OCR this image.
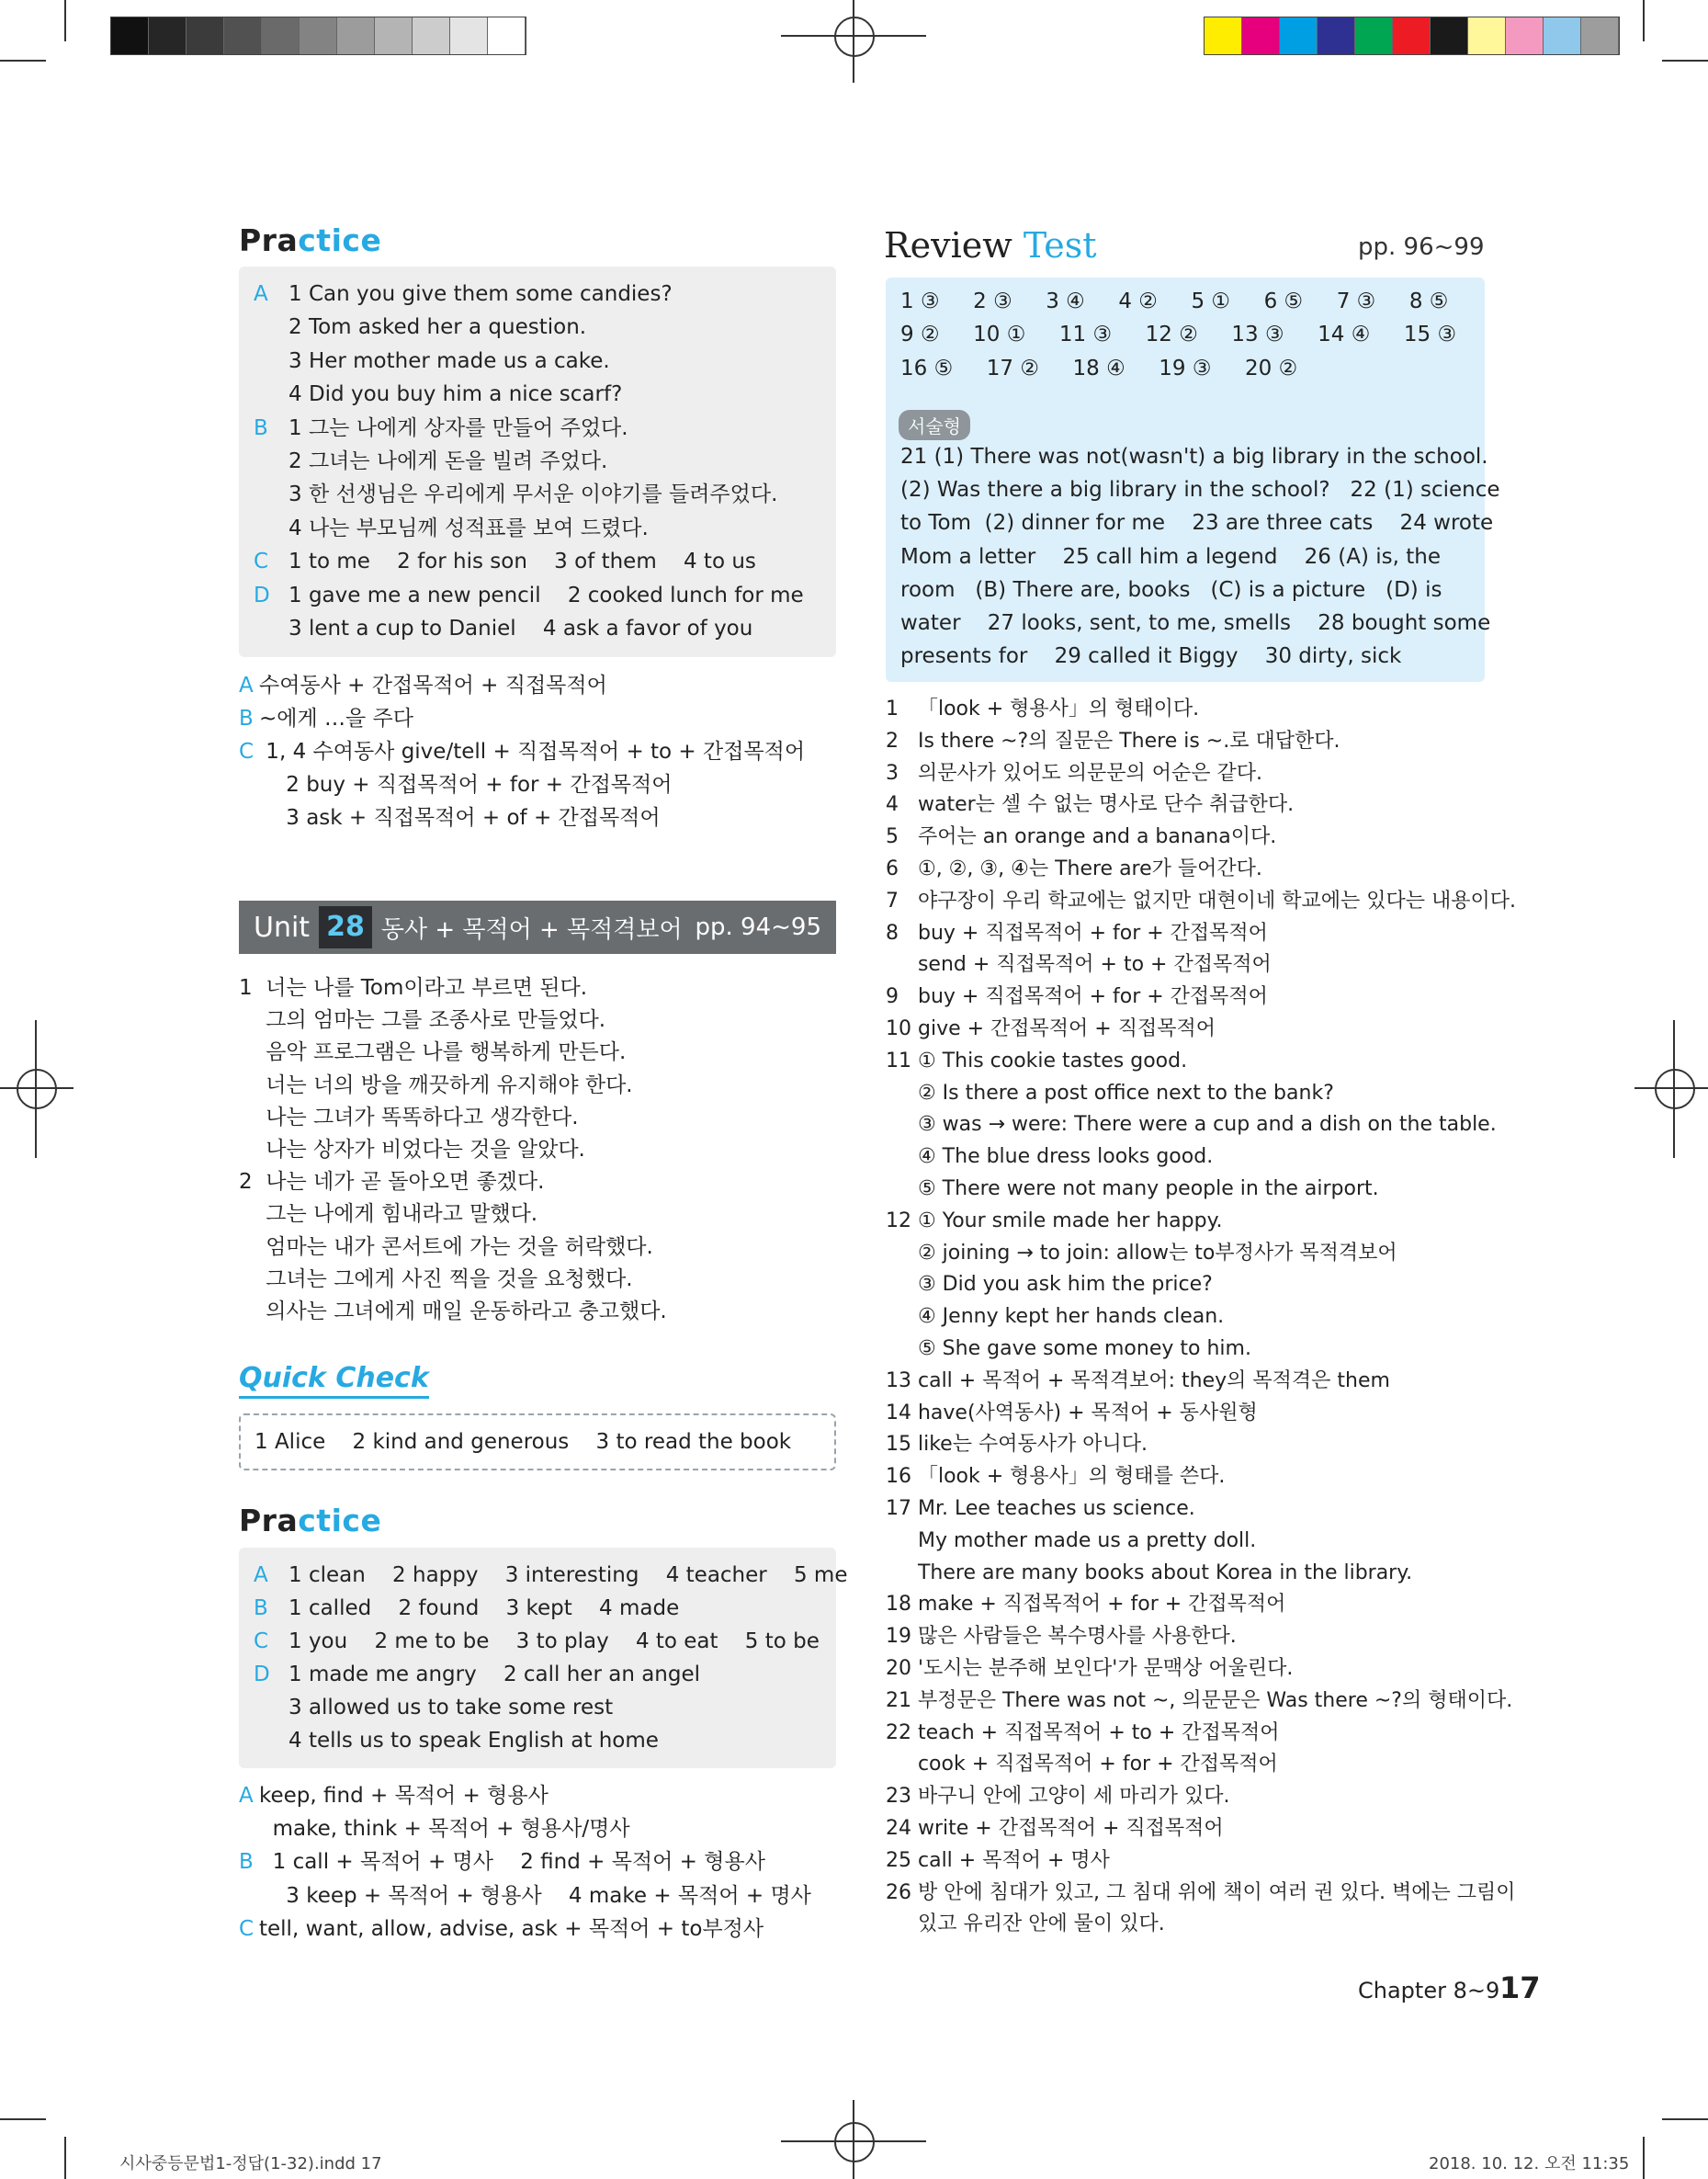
Practice
A 1 Can you give them some candies?
2 Tom asked her a question.
3 Her mother made us a cake.
4 Did you buy him a nice scarf?
B 1 그는 나에게 상자를 만들어 주었다.
2 그녀는 나에게 돈을 빌려 주었다.
3 한 선생님은 우리에게 무서운 이야기를 들려주었다.
4 나는 부모님께 성적표를 보여 드렸다.
C 1 to me    2 for his son    3 of them    4 to us
D 1 gave me a new pencil    2 cooked lunch for me
3 lent a cup to Daniel    4 ask a favor of you
A 수여동사 + 간접목적어 + 직접목적어
B ~에게 …을 주다
C 1, 4 수여동사 give/tell + 직접목적어 + to + 간접목적어
2 buy + 직접목적어 + for + 간접목적어
3 ask + 직접목적어 + of + 간접목적어
Unit 28 동사 + 목적어 + 목적격보어 pp. 94~95
1  너는 나를 Tom이라고 부르면 된다.
그의 엄마는 그를 조종사로 만들었다.
음악 프로그램은 나를 행복하게 만든다.
너는 너의 방을 깨끗하게 유지해야 한다.
나는 그녀가 똑똑하다고 생각한다.
나는 상자가 비었다는 것을 알았다.
2  나는 네가 곧 돌아오면 좋겠다.
그는 나에게 힘내라고 말했다.
엄마는 내가 콘서트에 가는 것을 허락했다.
그녀는 그에게 사진 찍을 것을 요청했다.
의사는 그녀에게 매일 운동하라고 충고했다.
Quick Check
1 Alice    2 kind and generous    3 to read the book
Practice
A 1 clean    2 happy    3 interesting    4 teacher    5 me
B 1 called    2 found    3 kept    4 made
C 1 you    2 me to be    3 to play    4 to eat    5 to be
D 1 made me angry    2 call her an angel
3 allowed us to take some rest
4 tells us to speak English at home
A keep, find + 목적어 + 형용사
make, think + 목적어 + 형용사/명사
B 1 call + 목적어 + 명사    2 find + 목적어 + 형용사
3 keep + 목적어 + 형용사    4 make + 목적어 + 명사
C tell, want, allow, advise, ask + 목적어 + to부정사
Review Test	pp. 96~99
1 ③     2 ③     3 ④     4 ②     5 ①     6 ⑤     7 ③     8 ⑤
9 ②     10 ①     11 ③     12 ②     13 ③     14 ④     15 ③
16 ⑤     17 ②     18 ④     19 ③     20 ②
서술형
21 (1) There was not(wasn't) a big library in the school.
(2) Was there a big library in the school?   22 (1) science
to Tom  (2) dinner for me    23 are three cats    24 wrote
Mom a letter    25 call him a legend    26 (A) is, the
room   (B) There are, books   (C) is a picture   (D) is
water    27 looks, sent, to me, smells    28 bought some
presents for    29 called it Biggy    30 dirty, sick
1   「look + 형용사」의 형태이다.
2   Is there ~?의 질문은 There is ~.로 대답한다.
3   의문사가 있어도 의문문의 어순은 같다.
4   water는 셀 수 없는 명사로 단수 취급한다.
5   주어는 an orange and a banana이다.
6   ①, ②, ③, ④는 There are가 들어간다.
7   야구장이 우리 학교에는 없지만 대현이네 학교에는 있다는 내용이다.
8   buy + 직접목적어 + for + 간접목적어
send + 직접목적어 + to + 간접목적어
9   buy + 직접목적어 + for + 간접목적어
10 give + 간접목적어 + 직접목적어
11 ① This cookie tastes good.
② Is there a post office next to the bank?
③ was → were: There were a cup and a dish on the table.
④ The blue dress looks good.
⑤ There were not many people in the airport.
12 ① Your smile made her happy.
② joining → to join: allow는 to부정사가 목적격보어
③ Did you ask him the price?
④ Jenny kept her hands clean.
⑤ She gave some money to him.
13 call + 목적어 + 목적격보어: they의 목적격은 them
14 have(사역동사) + 목적어 + 동사원형
15 like는 수여동사가 아니다.
16 「look + 형용사」의 형태를 쓴다.
17 Mr. Lee teaches us science.
My mother made us a pretty doll.
There are many books about Korea in the library.
18 make + 직접목적어 + for + 간접목적어
19 많은 사람들은 복수명사를 사용한다.
20 '도시는 분주해 보인다'가 문맥상 어울린다.
21 부정문은 There was not ~, 의문문은 Was there ~?의 형태이다.
22 teach + 직접목적어 + to + 간접목적어
cook + 직접목적어 + for + 간접목적어
23 바구니 안에 고양이 세 마리가 있다.
24 write + 간접목적어 + 직접목적어
25 call + 목적어 + 명사
26 방 안에 침대가 있고, 그 침대 위에 책이 여러 권 있다. 벽에는 그림이
있고 유리잔 안에 물이 있다.
Chapter 8~9 17
시사중등문법1-정답(1-32).indd 17	2018. 10. 12. 오전 11:35
